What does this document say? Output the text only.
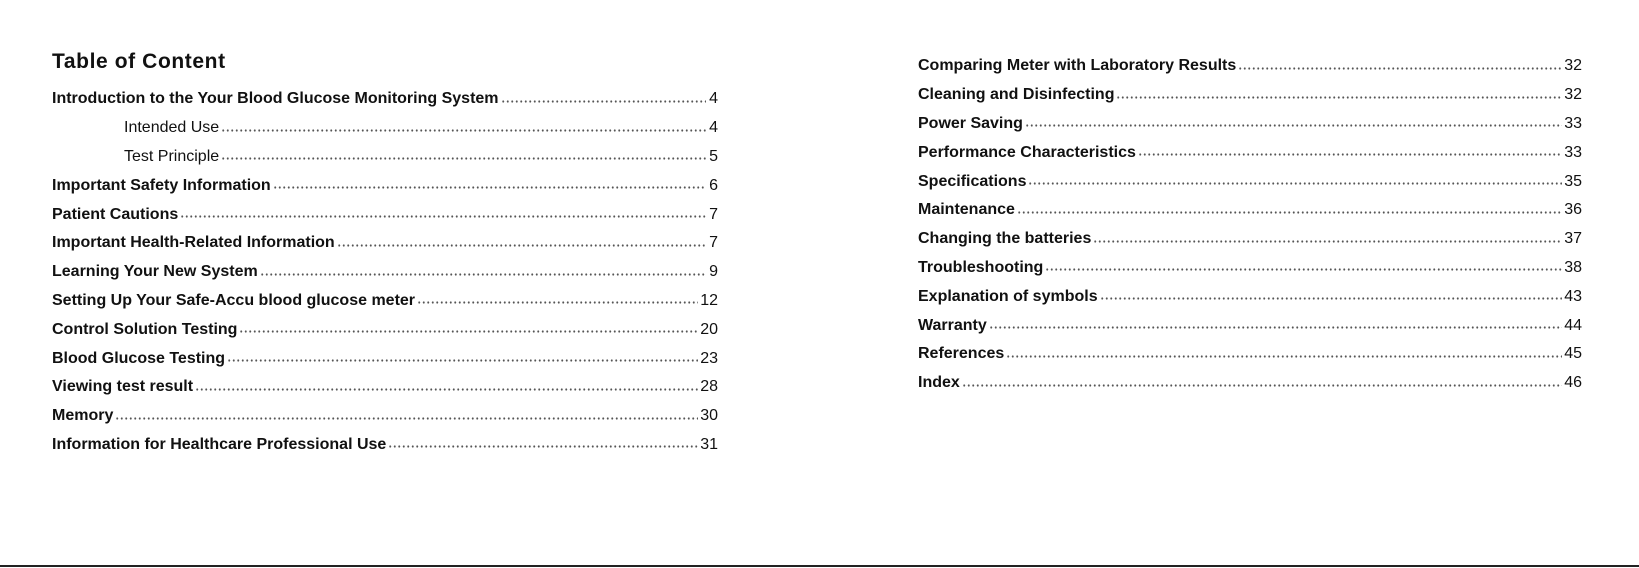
Table of Content
Introduction to the Your Blood Glucose Monitoring System	4
Intended Use	4
Test Principle	5
Important Safety Information	6
Patient Cautions	7
Important Health-Related Information	7
Learning Your New System	9
Setting Up Your Safe-Accu blood glucose meter	12
Control Solution Testing	20
Blood Glucose Testing	23
Viewing test result	28
Memory	30
Information for Healthcare Professional Use	31
Comparing Meter with Laboratory Results	32
Cleaning and Disinfecting	32
Power Saving	33
Performance Characteristics	33
Specifications	35
Maintenance	36
Changing the batteries	37
Troubleshooting	38
Explanation of symbols	43
Warranty	44
References	45
Index	46
